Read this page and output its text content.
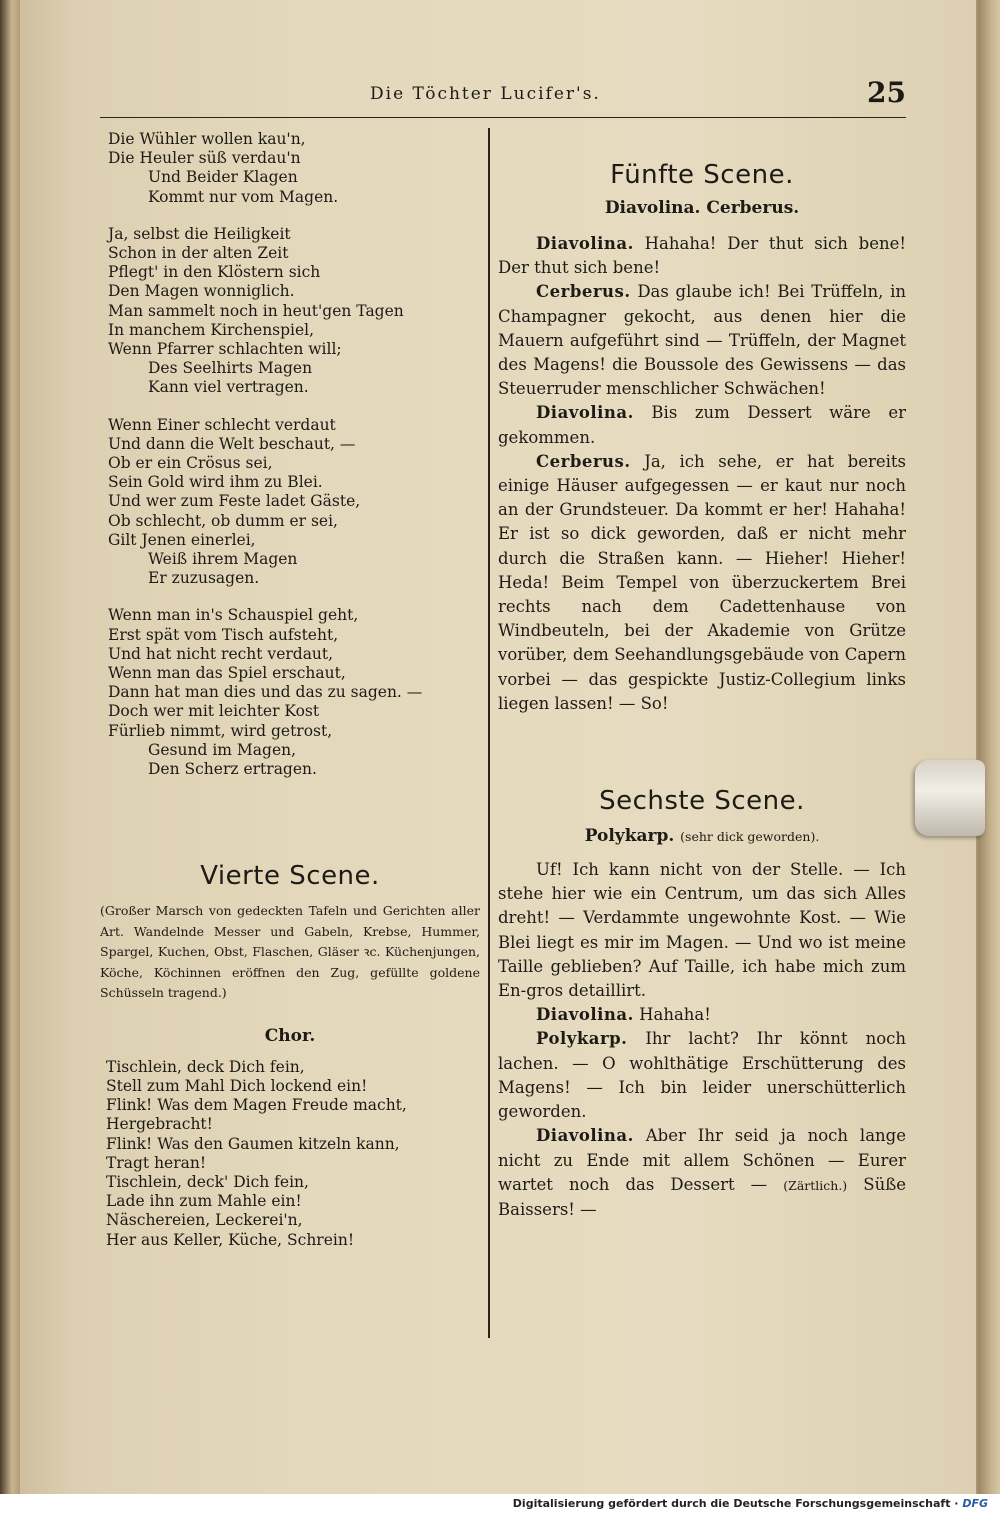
Die Töchter Lucifer's.	25
Die Wühler wollen kau'n,
Die Heuler süß verdau'n
Und Beider Klagen
Kommt nur vom Magen.
Ja, selbst die Heiligkeit
Schon in der alten Zeit
Pflegt' in den Klöstern sich
Den Magen wonniglich.
Man sammelt noch in heut'gen Tagen
In manchem Kirchenspiel,
Wenn Pfarrer schlachten will;
Des Seelhirts Magen
Kann viel vertragen.
Wenn Einer schlecht verdaut
Und dann die Welt beschaut, —
Ob er ein Crösus sei,
Sein Gold wird ihm zu Blei.
Und wer zum Feste ladet Gäste,
Ob schlecht, ob dumm er sei,
Gilt Jenen einerlei,
Weiß ihrem Magen
Er zuzusagen.
Wenn man in's Schauspiel geht,
Erst spät vom Tisch aufsteht,
Und hat nicht recht verdaut,
Wenn man das Spiel erschaut,
Dann hat man dies und das zu sagen. —
Doch wer mit leichter Kost
Fürlieb nimmt, wird getrost,
Gesund im Magen,
Den Scherz ertragen.
Vierte Scene.
(Großer Marsch von gedeckten Tafeln und Gerichten aller Art. Wandelnde Messer und Gabeln, Krebse, Hummer, Spargel, Kuchen, Obst, Flaschen, Gläser ꝛc. Küchenjungen, Köche, Köchinnen eröffnen den Zug, gefüllte goldene Schüsseln tragend.)
Chor.
Tischlein, deck Dich fein,
Stell zum Mahl Dich lockend ein!
Flink! Was dem Magen Freude macht,
Hergebracht!
Flink! Was den Gaumen kitzeln kann,
Tragt heran!
Tischlein, deck' Dich fein,
Lade ihn zum Mahle ein!
Näschereien, Leckerei'n,
Her aus Keller, Küche, Schrein!
Fünfte Scene.
Diavolina. Cerberus.

Diavolina. Hahaha! Der thut sich bene! Der thut sich bene!

Cerberus. Das glaube ich! Bei Trüffeln, in Champagner gekocht, aus denen hier die Mauern aufgeführt sind — Trüffeln, der Magnet des Magens! die Boussole des Gewissens — das Steuerruder menschlicher Schwächen!

Diavolina. Bis zum Dessert wäre er gekommen.

Cerberus. Ja, ich sehe, er hat bereits einige Häuser aufgegessen — er kaut nur noch an der Grundsteuer. Da kommt er her! Hahaha! Er ist so dick geworden, daß er nicht mehr durch die Straßen kann. — Hieher! Hieher! Heda! Beim Tempel von überzuckertem Brei rechts nach dem Cadettenhause von Windbeuteln, bei der Akademie von Grütze vorüber, dem Seehandlungsgebäude von Capern vorbei — das gespickte Justiz-Collegium links liegen lassen! — So!

Sechste Scene.
Polykarp. (sehr dick geworden).

Uf! Ich kann nicht von der Stelle. — Ich stehe hier wie ein Centrum, um das sich Alles dreht! — Verdammte ungewohnte Kost. — Wie Blei liegt es mir im Magen. — Und wo ist meine Taille geblieben? Auf Taille, ich habe mich zum En-gros detaillirt.

Diavolina. Hahaha!

Polykarp. Ihr lacht? Ihr könnt noch lachen. — O wohlthätige Erschütterung des Magens! — Ich bin leider unerschütterlich geworden.

Diavolina. Aber Ihr seid ja noch lange nicht zu Ende mit allem Schönen — Eurer wartet noch das Dessert — (Zärtlich.) Süße Baissers! —

Digitalisierung gefördert durch die Deutsche Forschungsgemeinschaft · DFG
